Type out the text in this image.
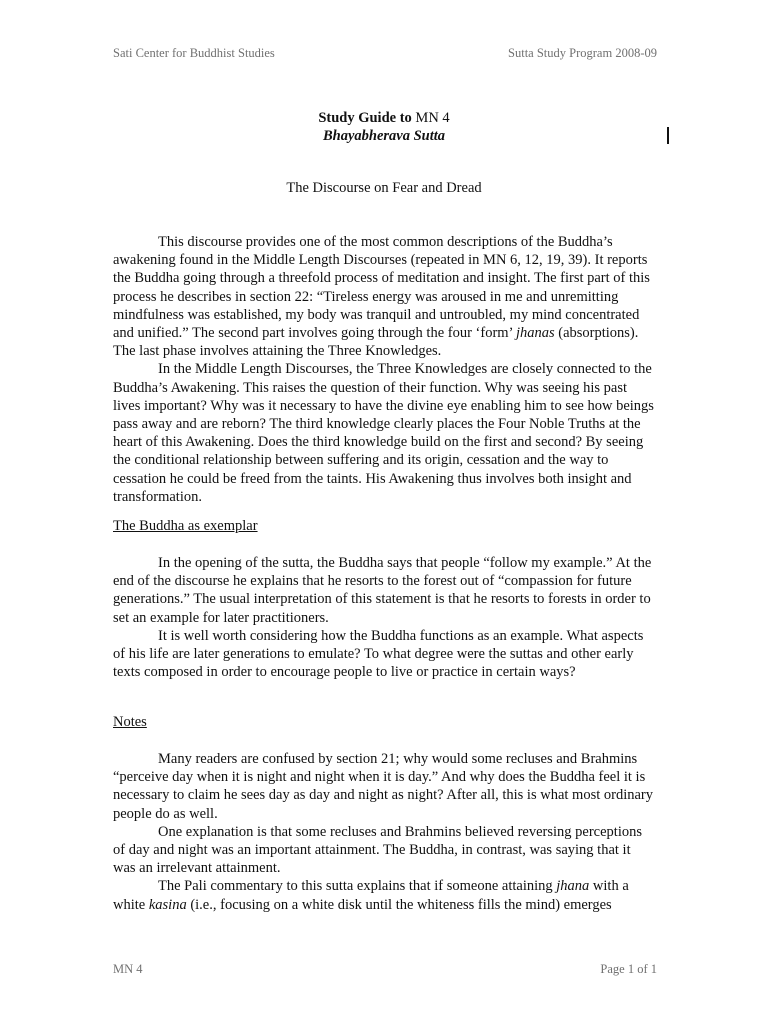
Sati Center for Buddhist Studies	Sutta Study Program 2008-09
Study Guide to MN 4
Bhayabherava Sutta
The Discourse on Fear and Dread

This discourse provides one of the most common descriptions of the Buddha’s awakening found in the Middle Length Discourses (repeated in MN 6, 12, 19, 39). It reports the Buddha going through a threefold process of meditation and insight. The first part of this process he describes in section 22: “Tireless energy was aroused in me and unremitting mindfulness was established, my body was tranquil and untroubled, my mind concentrated and unified.” The second part involves going through the four ‘form’ jhanas (absorptions). The last phase involves attaining the Three Knowledges.

In the Middle Length Discourses, the Three Knowledges are closely connected to the Buddha’s Awakening. This raises the question of their function. Why was seeing his past lives important? Why was it necessary to have the divine eye enabling him to see how beings pass away and are reborn? The third knowledge clearly places the Four Noble Truths at the heart of this Awakening. Does the third knowledge build on the first and second? By seeing the conditional relationship between suffering and its origin, cessation and the way to cessation he could be freed from the taints. His Awakening thus involves both insight and transformation.

The Buddha as exemplar

In the opening of the sutta, the Buddha says that people “follow my example.” At the end of the discourse he explains that he resorts to the forest out of “compassion for future generations.” The usual interpretation of this statement is that he resorts to forests in order to set an example for later practitioners.

It is well worth considering how the Buddha functions as an example. What aspects of his life are later generations to emulate? To what degree were the suttas and other early texts composed in order to encourage people to live or practice in certain ways?

Notes

Many readers are confused by section 21; why would some recluses and Brahmins “perceive day when it is night and night when it is day.” And why does the Buddha feel it is necessary to claim he sees day as day and night as night? After all, this is what most ordinary people do as well.

One explanation is that some recluses and Brahmins believed reversing perceptions of day and night was an important attainment. The Buddha, in contrast, was saying that it was an irrelevant attainment.

The Pali commentary to this sutta explains that if someone attaining jhana with a white kasina (i.e., focusing on a white disk until the whiteness fills the mind) emerges

MN 4	Page 1 of 1
